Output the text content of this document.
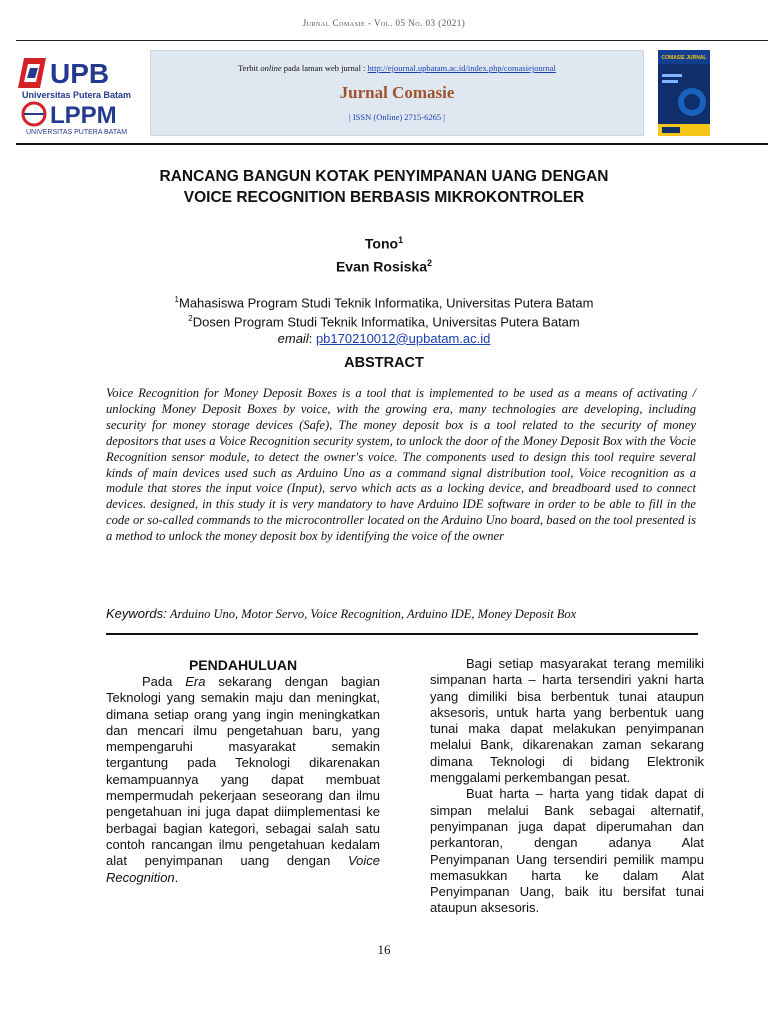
Jurnal Comasie - Vol. 05 No. 03 (2021)
UPB
Universitas Putera Batam
LPPM
UNIVERSITAS PUTERA BATAM
Terbit online pada laman web jurnal : http://ejournal.upbatam.ac.id/index.php/comasiejournal
Jurnal Comasie
| ISSN (Online) 2715-6265 |
COMASIE JURNAL
RANCANG BANGUN KOTAK PENYIMPANAN UANG DENGAN
VOICE RECOGNITION BERBASIS MIKROKONTROLER
Tono$^1$
Evan Rosiska$^2$
$^1$Mahasiswa Program Studi Teknik Informatika, Universitas Putera Batam
$^2$Dosen Program Studi Teknik Informatika, Universitas Putera Batam
email: pb170210012@upbatam.ac.id
ABSTRACT
Voice Recognition for Money Deposit Boxes is a tool that is implemented to be used as a means of activating / unlocking Money Deposit Boxes by voice, with the growing era, many technologies are developing, including security for money storage devices (Safe), The money deposit box is a tool related to the security of money depositors that uses a Voice Recognition security system, to unlock the door of the Money Deposit Box with the Vocie Recognition sensor module, to detect the owner's voice. The components used to design this tool require several kinds of main devices used such as Arduino Uno as a command signal distribution tool, Voice recognition as a module that stores the input voice (Input), servo which acts as a locking device, and breadboard used to connect devices. designed, in this study it is very mandatory to have Arduino IDE software in order to be able to fill in the code or so-called commands to the microcontroller located on the Arduino Uno board, based on the tool presented is a method to unlock the money deposit box by identifying the voice of the owner
Keywords: Arduino Uno, Motor Servo, Voice Recognition, Arduino IDE, Money Deposit Box
PENDAHULUAN

Pada Era sekarang dengan bagian Teknologi yang semakin maju dan meningkat, dimana setiap orang yang ingin meningkatkan dan mencari ilmu pengetahuan baru, yang mempengaruhi masyarakat semakin tergantung pada Teknologi dikarenakan kemampuannya yang dapat membuat mempermudah pekerjaan seseorang dan ilmu pengetahuan ini juga dapat diimplementasi ke berbagai bagian kategori, sebagai salah satu contoh rancangan ilmu pengetahuan kedalam alat penyimpanan uang dengan Voice Recognition.

Bagi setiap masyarakat terang memiliki simpanan harta – harta tersendiri yakni harta yang dimiliki bisa berbentuk tunai ataupun aksesoris, untuk harta yang berbentuk uang tunai maka dapat melakukan penyimpanan melalui Bank, dikarenakan zaman sekarang dimana Teknologi di bidang Elektronik menggalami perkembangan pesat.

Buat harta – harta yang tidak dapat di simpan melalui Bank sebagai alternatif, penyimpanan juga dapat diperumahan dan perkantoran, dengan adanya Alat Penyimpanan Uang tersendiri pemilik mampu memasukkan harta ke dalam Alat Penyimpanan Uang, baik itu bersifat tunai ataupun aksesoris.

16
